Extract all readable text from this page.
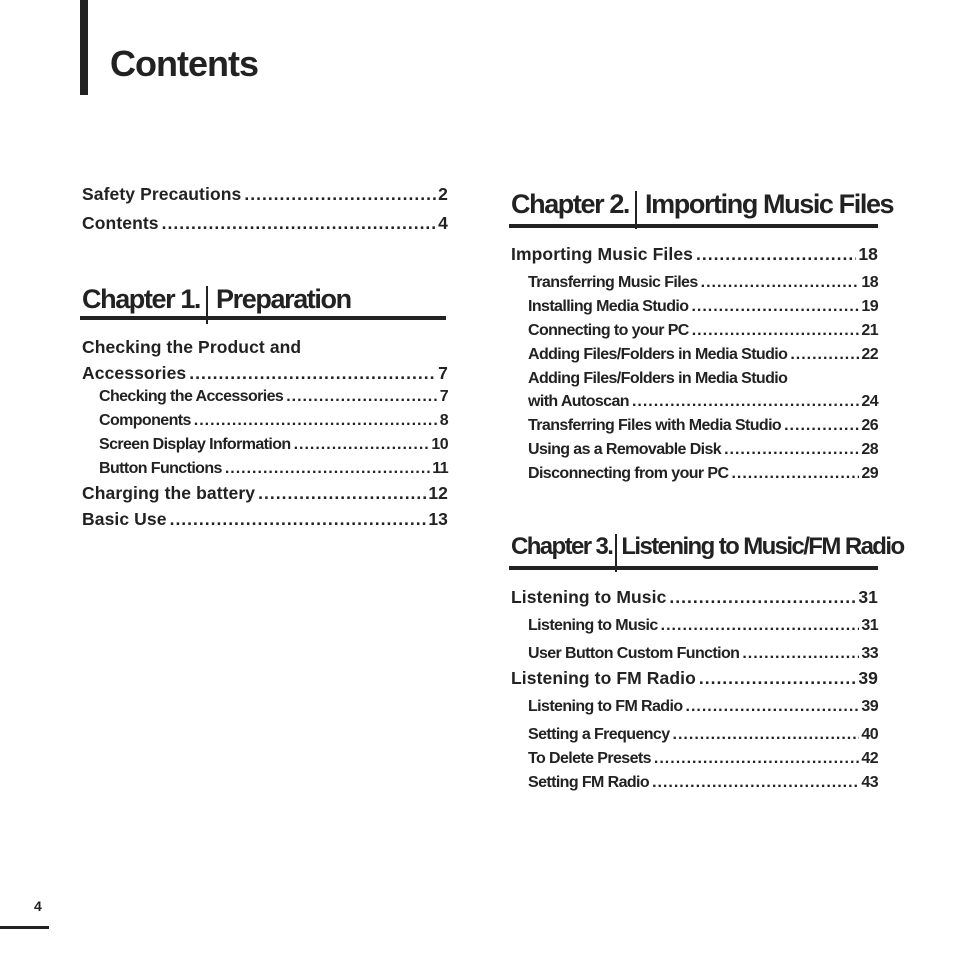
Contents
Safety Precautions .....	2
Contents .....	4
Chapter 1. Preparation
Checking the Product and
Accessories .....	7
Checking the Accessories .....	7
Components .....	8
Screen Display Information .....	10
Button Functions .....	11
Charging the battery .....	12
Basic Use .....	13
Chapter 2. Importing Music Files
Importing Music Files .....	18
Transferring Music Files .....	18
Installing Media Studio .....	19
Connecting to your PC .....	21
Adding Files/Folders in Media Studio .....	22
Adding Files/Folders in Media Studio
with Autoscan .....	24
Transferring Files with Media Studio .....	26
Using as a Removable Disk .....	28
Disconnecting from your PC .....	29
Chapter 3. Listening to Music/FM Radio
Listening to Music .....	31
Listening to Music .....	31
User Button Custom Function .....	33
Listening to FM Radio .....	39
Listening to FM Radio .....	39
Setting a Frequency .....	40
To Delete Presets .....	42
Setting FM Radio .....	43
4
